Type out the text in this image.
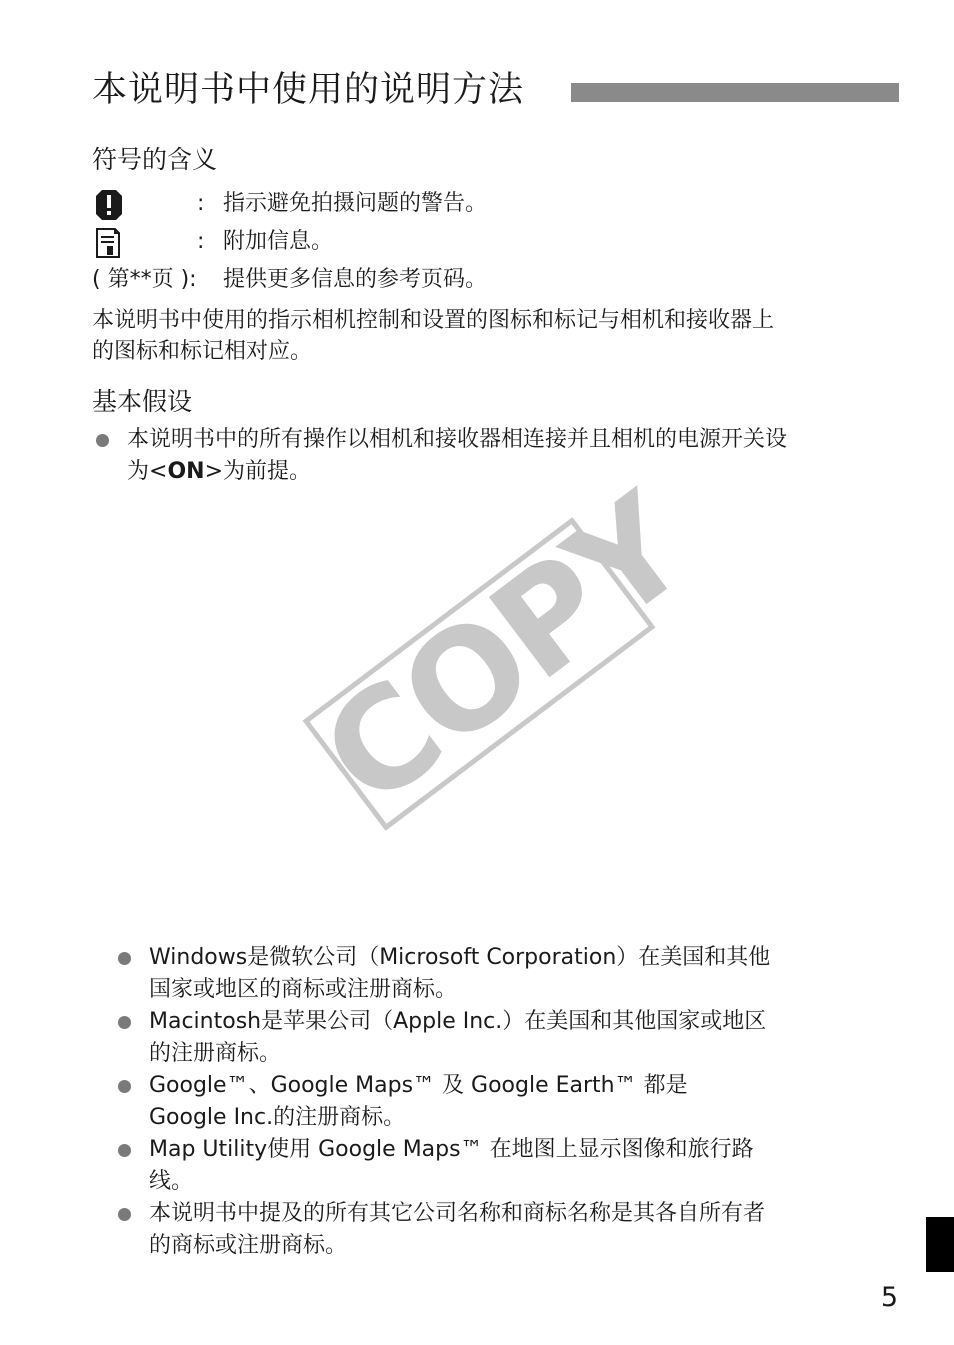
本说明书中使用的说明方法
符号的含义
: 指示避免拍摄问题的警告。
: 附加信息。
( 第**页 ): 提供更多信息的参考页码。
本说明书中使用的指示相机控制和设置的图标和标记与相机和接收器上
的图标和标记相对应。
基本假设
本说明书中的所有操作以相机和接收器相连接并且相机的电源开关设
为<ON>为前提。
COPY
Windows是微软公司（Microsoft Corporation）在美国和其他
国家或地区的商标或注册商标。
Macintosh是苹果公司（Apple Inc.）在美国和其他国家或地区
的注册商标。
Google™、Google Maps™ 及 Google Earth™ 都是
Google Inc.的注册商标。
Map Utility使用 Google Maps™ 在地图上显示图像和旅行路
线。
本说明书中提及的所有其它公司名称和商标名称是其各自所有者
的商标或注册商标。
5
